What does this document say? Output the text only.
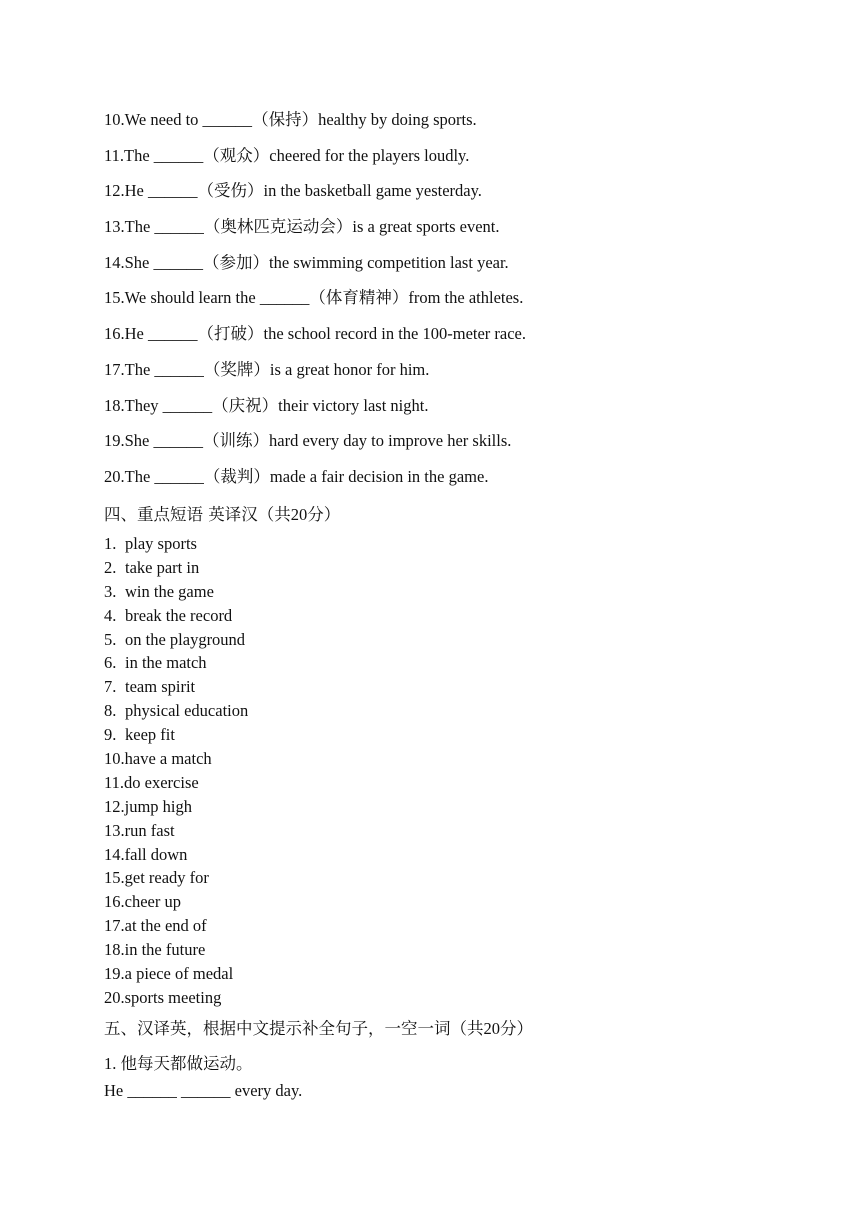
10.We need to ______（保持）healthy by doing sports.
11.The ______（观众）cheered for the players loudly.
12.He ______（受伤）in the basketball game yesterday.
13.The ______（奥林匹克运动会）is a great sports event.
14.She ______（参加）the swimming competition last year.
15.We should learn the ______（体育精神）from the athletes.
16.He ______（打破）the school record in the 100-meter race.
17.The ______（奖牌）is a great honor for him.
18.They ______（庆祝）their victory last night.
19.She ______（训练）hard every day to improve her skills.
20.The ______（裁判）made a fair decision in the game.
四、重点短语 英译汉（共20分）
1. play sports
2. take part in
3. win the game
4. break the record
5. on the playground
6. in the match
7. team spirit
8. physical education
9. keep fit
10.have a match
11.do exercise
12.jump high
13.run fast
14.fall down
15.get ready for
16.cheer up
17.at the end of
18.in the future
19.a piece of medal
20.sports meeting
五、汉译英，根据中文提示补全句子，一空一词（共20分）
1. 他每天都做运动。
He ______ ______ every day.
